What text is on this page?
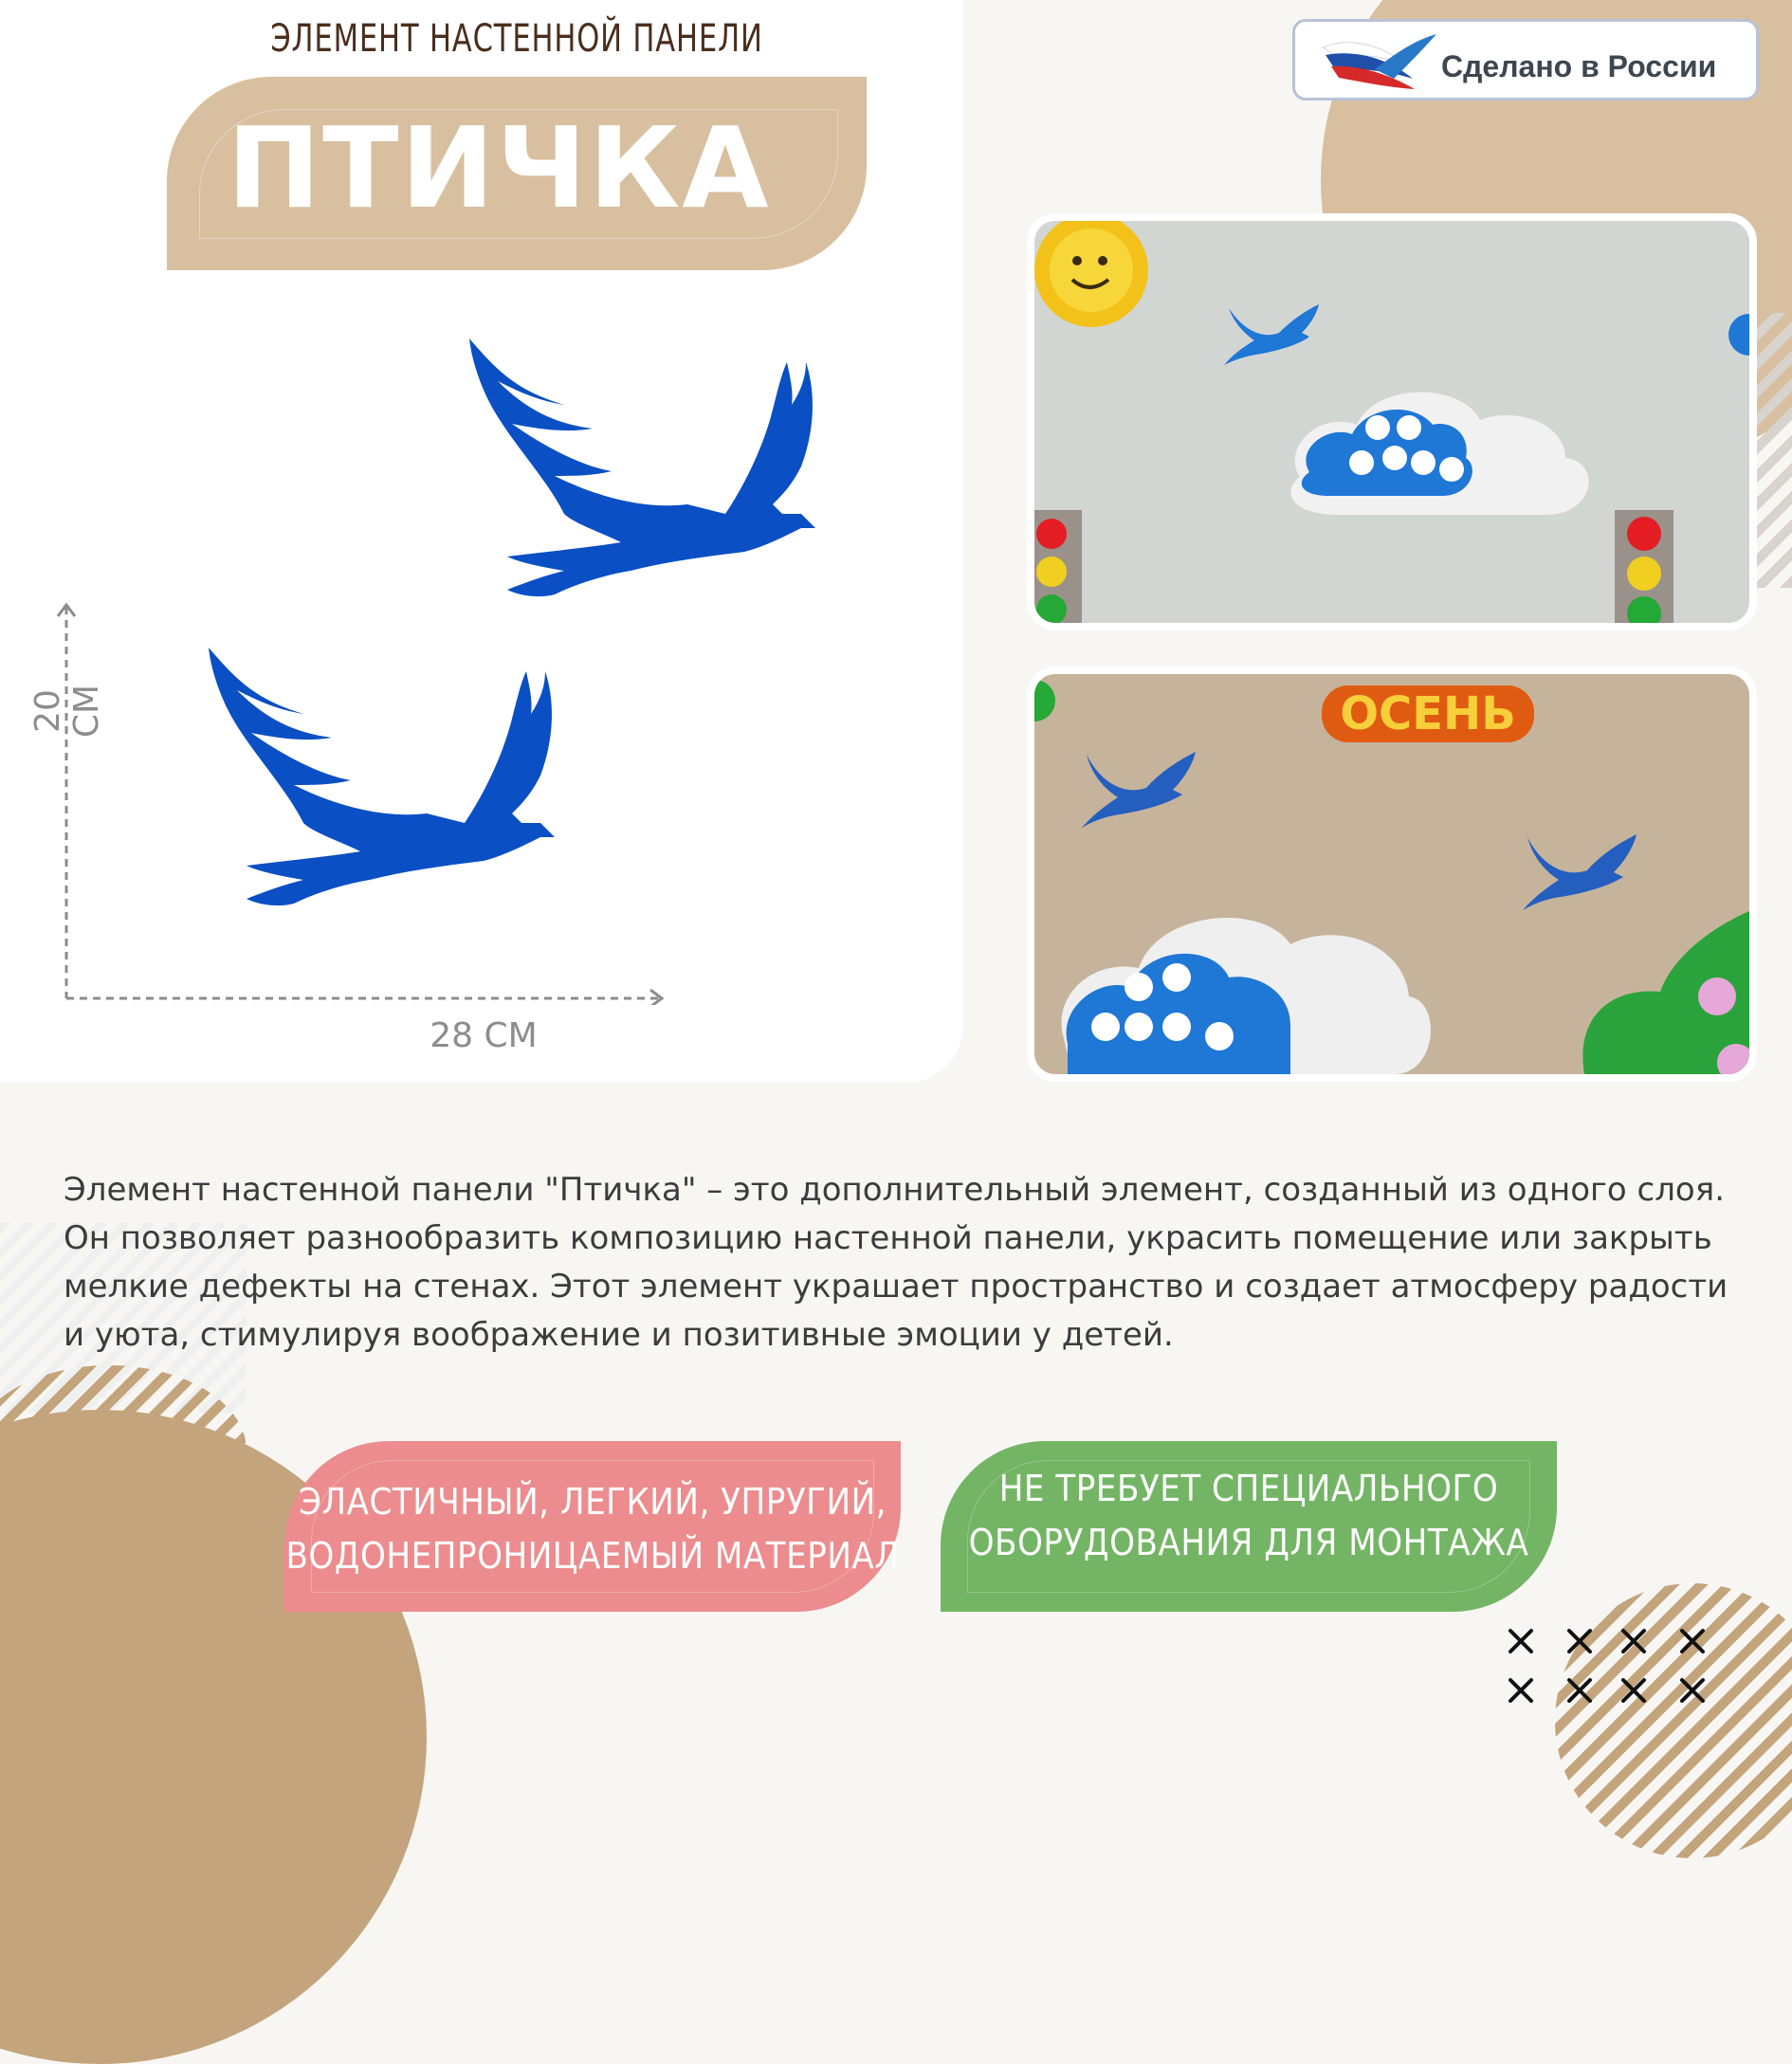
ЭЛЕМЕНТ НАСТЕННОЙ ПАНЕЛИ
ПТИЧКА
28 СМ
20 СМ
Сделано в России
ОСЕНЬ
Элемент настенной панели "Птичка" – это дополнительный элемент, созданный из одного слоя. Он позволяет разнообразить композицию настенной панели, украсить помещение или закрыть мелкие дефекты на стенах. Этот элемент украшает пространство и создает атмосферу радости и уюта, стимулируя воображение и позитивные эмоции у детей.
ЭЛАСТИЧНЫЙ, ЛЕГКИЙ, УПРУГИЙ,
ВОДОНЕПРОНИЦАЕМЫЙ МАТЕРИАЛ
НЕ ТРЕБУЕТ СПЕЦИАЛЬНОГО
ОБОРУДОВАНИЯ ДЛЯ МОНТАЖА
